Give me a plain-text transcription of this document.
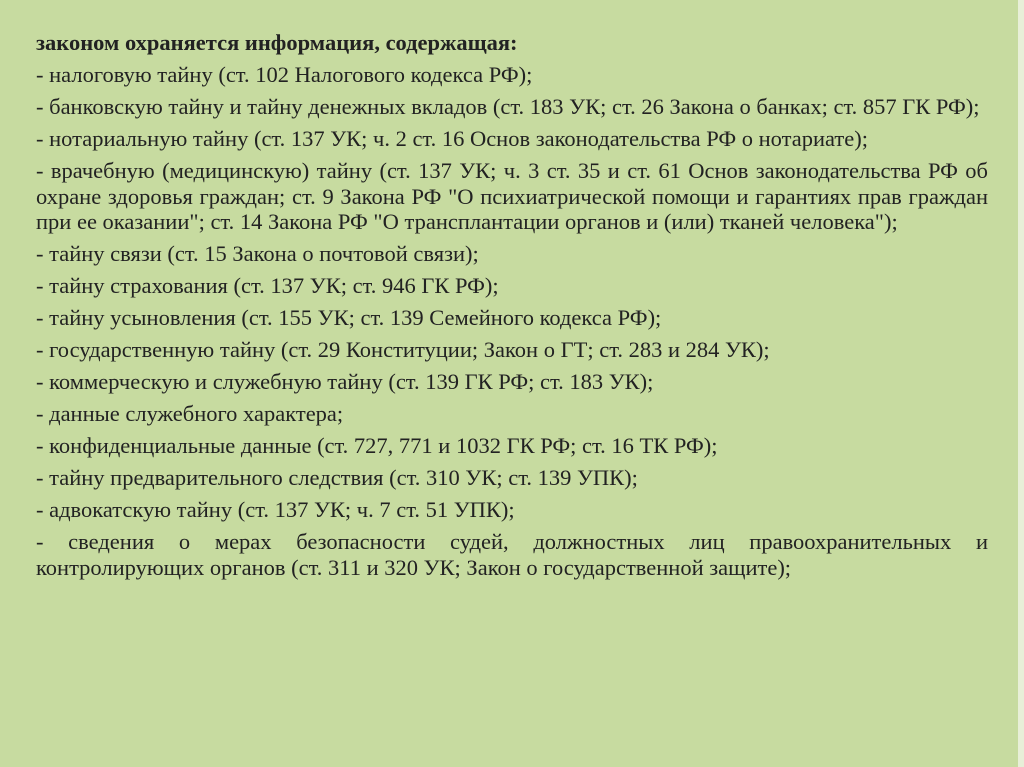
законом охраняется информация, содержащая:

- налоговую тайну (ст. 102 Налогового кодекса РФ);

- банковскую тайну и тайну денежных вкладов (ст. 183 УК; ст. 26 Закона о банках; ст. 857 ГК РФ);

- нотариальную тайну (ст. 137 УК; ч. 2 ст. 16 Основ законодательства РФ о нотариате);

- врачебную (медицинскую) тайну (ст. 137 УК; ч. 3 ст. 35 и ст. 61 Основ законодательства РФ об охране здоровья граждан; ст. 9 Закона РФ "О психиатрической помощи и гарантиях прав граждан при ее оказании"; ст. 14 Закона РФ "О трансплантации органов и (или) тканей человека");

- тайну связи (ст. 15 Закона о почтовой связи);

- тайну страхования (ст. 137 УК; ст. 946 ГК РФ);

- тайну усыновления (ст. 155 УК; ст. 139 Семейного кодекса РФ);

- государственную тайну (ст. 29 Конституции; Закон о ГТ; ст. 283 и 284 УК);

- коммерческую и служебную тайну (ст. 139 ГК РФ; ст. 183 УК);

- данные служебного характера;

- конфиденциальные данные (ст. 727, 771 и 1032 ГК РФ; ст. 16 ТК РФ);

- тайну предварительного следствия (ст. 310 УК; ст. 139 УПК);

- адвокатскую тайну (ст. 137 УК; ч. 7 ст. 51 УПК);

- сведения о мерах безопасности судей, должностных лиц правоохранительных и контролирующих органов (ст. 311 и 320 УК; Закон о государственной защите);
